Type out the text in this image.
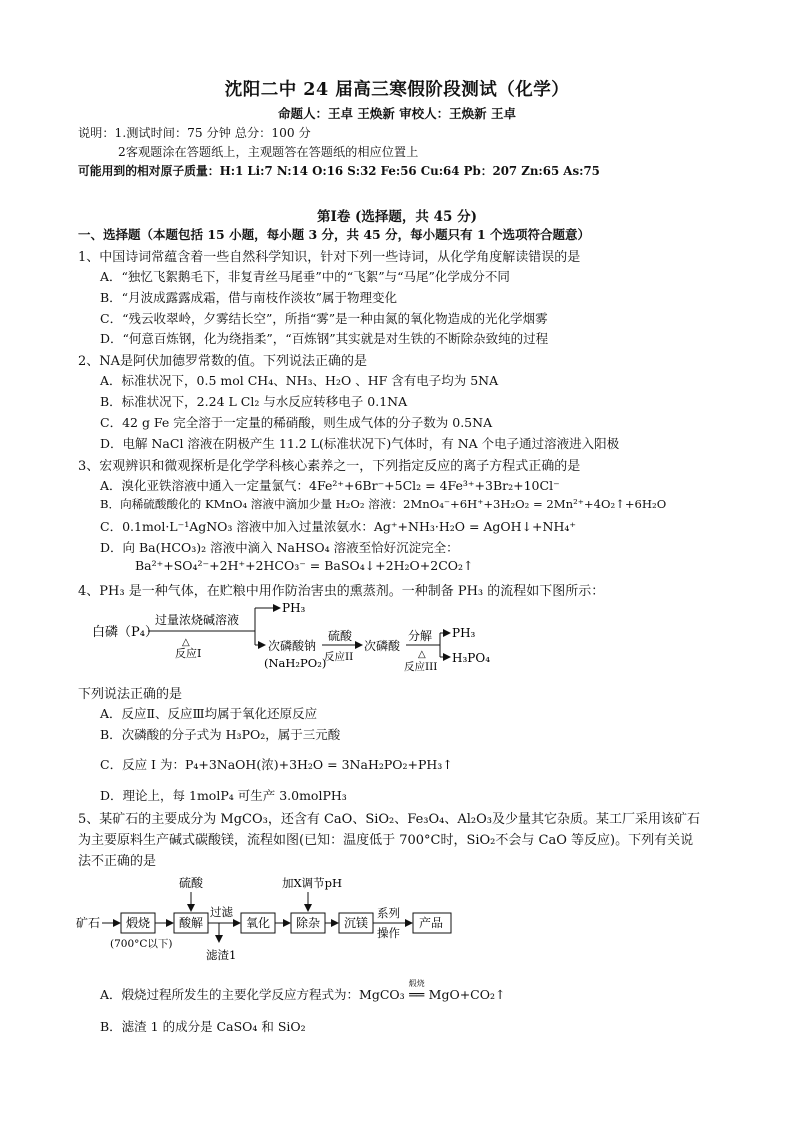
沈阳二中 24 届高三寒假阶段测试（化学）
命题人：王卓 王焕新 审校人：王焕新 王卓
说明：1.测试时间：75 分钟 总分：100 分
2客观题涂在答题纸上，主观题答在答题纸的相应位置上
可能用到的相对原子质量：H:1 Li:7 N:14 O:16 S:32 Fe:56 Cu:64 Pb：207 Zn:65 As:75
第Ⅰ卷 (选择题，共 45 分)
一、选择题（本题包括 15 小题，每小题 3 分，共 45 分，每小题只有 1 个选项符合题意）
1、中国诗词常蕴含着一些自然科学知识，针对下列一些诗词，从化学角度解读错误的是
A．“独忆飞絮鹅毛下，非复青丝马尾垂”中的“飞絮”与“马尾”化学成分不同
B．“月波成露露成霜，借与南枝作淡妆”属于物理变化
C．“残云收翠岭，夕雾结长空”，所指“雾”是一种由氮的氧化物造成的光化学烟雾
D．“何意百炼钢，化为绕指柔”，“百炼钢”其实就是对生铁的不断除杂致纯的过程
2、NA是阿伏加德罗常数的值。下列说法正确的是
A．标准状况下，0.5 mol CH₄、NH₃、H₂O 、HF 含有电子均为 5NA
B．标准状况下，2.24 L Cl₂ 与水反应转移电子 0.1NA
C．42 g Fe 完全溶于一定量的稀硝酸，则生成气体的分子数为 0.5NA
D．电解 NaCl 溶液在阴极产生 11.2 L(标准状况下)气体时，有 NA 个电子通过溶液进入阳极
3、宏观辨识和微观探析是化学学科核心素养之一，下列指定反应的离子方程式正确的是
A．溴化亚铁溶液中通入一定量氯气：4Fe²⁺+6Br⁻+5Cl₂ = 4Fe³⁺+3Br₂+10Cl⁻
B．向稀硫酸酸化的 KMnO₄ 溶液中滴加少量 H₂O₂ 溶液：2MnO₄⁻+6H⁺+3H₂O₂ = 2Mn²⁺+4O₂↑+6H₂O
C．0.1mol·L⁻¹AgNO₃ 溶液中加入过量浓氨水：Ag⁺+NH₃·H₂O = AgOH↓+NH₄⁺
D．向 Ba(HCO₃)₂ 溶液中滴入 NaHSO₄ 溶液至恰好沉淀完全：
Ba²⁺+SO₄²⁻+2H⁺+2HCO₃⁻ = BaSO₄↓+2H₂O+2CO₂↑
4、PH₃ 是一种气体，在贮粮中用作防治害虫的熏蒸剂。一种制备 PH₃ 的流程如下图所示：
白磷（P₄）
过量浓烧碱溶液
△
反应I
PH₃
次磷酸钠
(NaH₂PO₂)
硫酸
反应II
次磷酸
分解
△
反应III
PH₃
H₃PO₄
下列说法正确的是
A．反应Ⅱ、反应Ⅲ均属于氧化还原反应
B．次磷酸的分子式为 H₃PO₂，属于三元酸
C．反应 I 为：P₄+3NaOH(浓)+3H₂O = 3NaH₂PO₂+PH₃↑
D．理论上，每 1molP₄ 可生产 3.0molPH₃
5、某矿石的主要成分为 MgCO₃，还含有 CaO、SiO₂、Fe₃O₄、Al₂O₃及少量其它杂质。某工厂采用该矿石
为主要原料生产碱式碳酸镁，流程如图(已知：温度低于 700°C时，SiO₂不会与 CaO 等反应)。下列有关说
法不正确的是
矿石 煅烧
(700°C以下)
硫酸
酸解
过滤
滤渣1
氧化
加X调节pH
除杂 沉镁
系列
操作
产品
A．煅烧过程所发生的主要化学反应方程式为：MgCO₃
煅烧
══ MgO+CO₂↑
B．滤渣 1 的成分是 CaSO₄ 和 SiO₂
